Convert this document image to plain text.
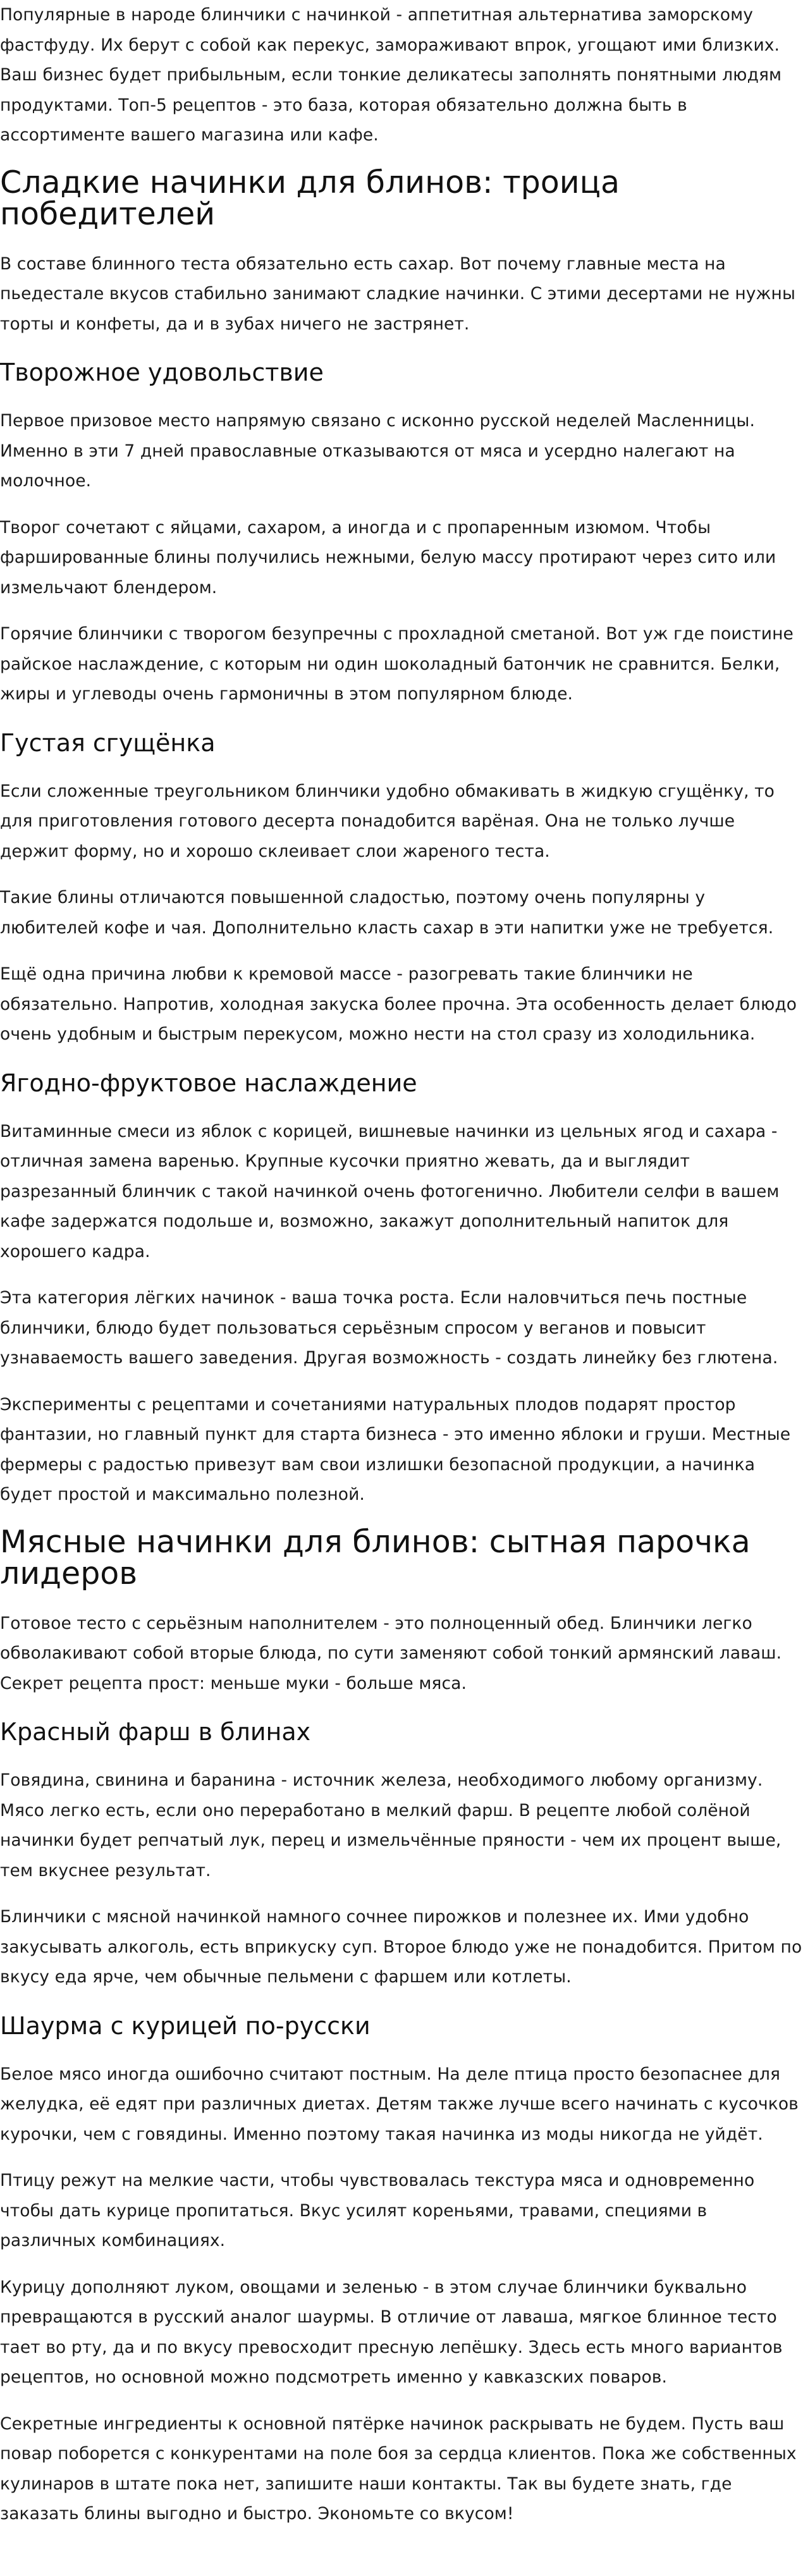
Популярные в народе блинчики с начинкой - аппетитная альтернатива заморскому фастфуду. Их берут с собой как перекус, замораживают впрок, угощают ими близких. Ваш бизнес будет прибыльным, если тонкие деликатесы заполнять понятными людям продуктами. Топ-5 рецептов - это база, которая обязательно должна быть в ассортименте вашего магазина или кафе.

Сладкие начинки для блинов: троица победителей

В составе блинного теста обязательно есть сахар. Вот почему главные места на пьедестале вкусов стабильно занимают сладкие начинки. С этими десертами не нужны торты и конфеты, да и в зубах ничего не застрянет.

Творожное удовольствие

Первое призовое место напрямую связано с исконно русской неделей Масленницы. Именно в эти 7 дней православные отказываются от мяса и усердно налегают на молочное.

Творог сочетают с яйцами, сахаром, а иногда и с пропаренным изюмом. Чтобы фаршированные блины получились нежными, белую массу протирают через сито или измельчают блендером.

Горячие блинчики с творогом безупречны с прохладной сметаной. Вот уж где поистине райское наслаждение, с которым ни один шоколадный батончик не сравнится. Белки, жиры и углеводы очень гармоничны в этом популярном блюде.

Густая сгущёнка

Если сложенные треугольником блинчики удобно обмакивать в жидкую сгущёнку, то для приготовления готового десерта понадобится варёная. Она не только лучше держит форму, но и хорошо склеивает слои жареного теста.

Такие блины отличаются повышенной сладостью, поэтому очень популярны у любителей кофе и чая. Дополнительно класть сахар в эти напитки уже не требуется.

Ещё одна причина любви к кремовой массе - разогревать такие блинчики не обязательно. Напротив, холодная закуска более прочна. Эта особенность делает блюдо очень удобным и быстрым перекусом, можно нести на стол сразу из холодильника.

Ягодно-фруктовое наслаждение

Витаминные смеси из яблок с корицей, вишневые начинки из цельных ягод и сахара - отличная замена варенью. Крупные кусочки приятно жевать, да и выглядит разрезанный блинчик с такой начинкой очень фотогенично. Любители селфи в вашем кафе задержатся подольше и, возможно, закажут дополнительный напиток для хорошего кадра.

Эта категория лёгких начинок - ваша точка роста. Если наловчиться печь постные блинчики, блюдо будет пользоваться серьёзным спросом у веганов и повысит узнаваемость вашего заведения. Другая возможность - создать линейку без глютена.

Эксперименты с рецептами и сочетаниями натуральных плодов подарят простор фантазии, но главный пункт для старта бизнеса - это именно яблоки и груши. Местные фермеры с радостью привезут вам свои излишки безопасной продукции, а начинка будет простой и максимально полезной.

Мясные начинки для блинов: сытная парочка лидеров

Готовое тесто с серьёзным наполнителем - это полноценный обед. Блинчики легко обволакивают собой вторые блюда, по сути заменяют собой тонкий армянский лаваш. Секрет рецепта прост: меньше муки - больше мяса.

Красный фарш в блинах

Говядина, свинина и баранина - источник железа, необходимого любому организму. Мясо легко есть, если оно переработано в мелкий фарш. В рецепте любой солёной начинки будет репчатый лук, перец и измельчённые пряности - чем их процент выше, тем вкуснее результат.

Блинчики с мясной начинкой намного сочнее пирожков и полезнее их. Ими удобно закусывать алкоголь, есть вприкуску суп. Второе блюдо уже не понадобится. Притом по вкусу еда ярче, чем обычные пельмени с фаршем или котлеты.

Шаурма с курицей по-русски

Белое мясо иногда ошибочно считают постным. На деле птица просто безопаснее для желудка, её едят при различных диетах. Детям также лучше всего начинать с кусочков курочки, чем с говядины. Именно поэтому такая начинка из моды никогда не уйдёт.

Птицу режут на мелкие части, чтобы чувствовалась текстура мяса и одновременно чтобы дать курице пропитаться. Вкус усилят кореньями, травами, специями в различных комбинациях.

Курицу дополняют луком, овощами и зеленью - в этом случае блинчики буквально превращаются в русский аналог шаурмы. В отличие от лаваша, мягкое блинное тесто тает во рту, да и по вкусу превосходит пресную лепёшку. Здесь есть много вариантов рецептов, но основной можно подсмотреть именно у кавказских поваров.

Секретные ингредиенты к основной пятёрке начинок раскрывать не будем. Пусть ваш повар поборется с конкурентами на поле боя за сердца клиентов. Пока же собственных кулинаров в штате пока нет, запишите наши контакты. Так вы будете знать, где заказать блины выгодно и быстро. Экономьте со вкусом!
